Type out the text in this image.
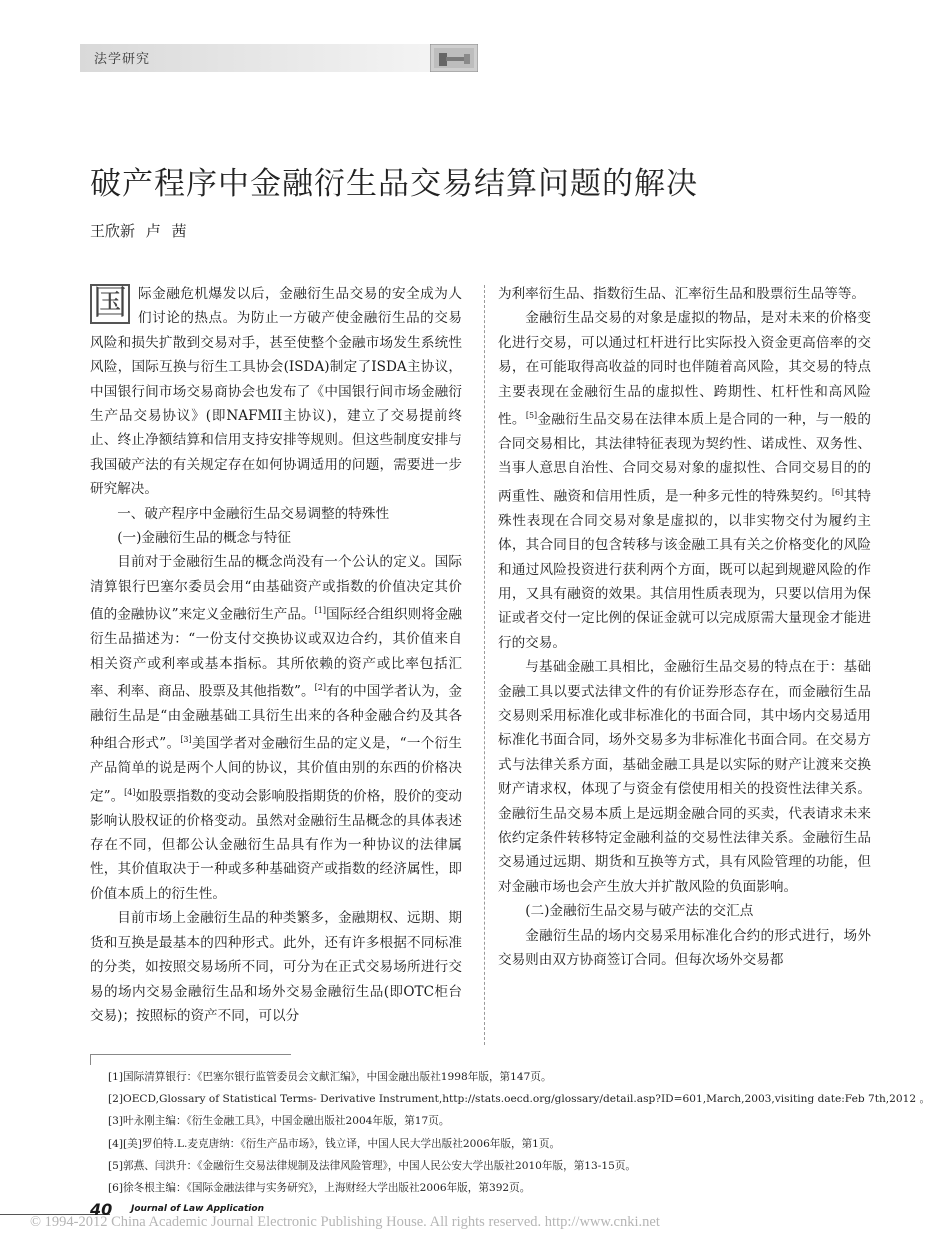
法学研究
破产程序中金融衍生品交易结算问题的解决
王欣新 卢 茜
国 际金融危机爆发以后，金融衍生品交易的安全成为人们讨论的热点。为防止一方破产使金融衍生品的交易风险和损失扩散到交易对手，甚至使整个金融市场发生系统性风险，国际互换与衍生工具协会(ISDA)制定了ISDA主协议，中国银行间市场交易商协会也发布了《中国银行间市场金融衍生产品交易协议》(即NAFMII主协议)，建立了交易提前终止、终止净额结算和信用支持安排等规则。但这些制度安排与我国破产法的有关规定存在如何协调适用的问题，需要进一步研究解决。

一、破产程序中金融衍生品交易调整的特殊性

(一)金融衍生品的概念与特征

目前对于金融衍生品的概念尚没有一个公认的定义。国际清算银行巴塞尔委员会用“由基础资产或指数的价值决定其价值的金融协议”来定义金融衍生产品。[1]国际经合组织则将金融衍生品描述为：“一份支付交换协议或双边合约，其价值来自相关资产或利率或基本指标。其所依赖的资产或比率包括汇率、利率、商品、股票及其他指数”。[2]有的中国学者认为，金融衍生品是“由金融基础工具衍生出来的各种金融合约及其各种组合形式”。[3]美国学者对金融衍生品的定义是，“一个衍生产品简单的说是两个人间的协议，其价值由别的东西的价格决定”。[4]如股票指数的变动会影响股指期货的价格，股价的变动影响认股权证的价格变动。虽然对金融衍生品概念的具体表述存在不同，但都公认金融衍生品具有作为一种协议的法律属性，其价值取决于一种或多种基础资产或指数的经济属性，即价值本质上的衍生性。

目前市场上金融衍生品的种类繁多，金融期权、远期、期货和互换是最基本的四种形式。此外，还有许多根据不同标准的分类，如按照交易场所不同，可分为在正式交易场所进行交易的场内交易金融衍生品和场外交易金融衍生品(即OTC柜台交易)；按照标的资产不同，可以分

为利率衍生品、指数衍生品、汇率衍生品和股票衍生品等等。

金融衍生品交易的对象是虚拟的物品，是对未来的价格变化进行交易，可以通过杠杆进行比实际投入资金更高倍率的交易，在可能取得高收益的同时也伴随着高风险，其交易的特点主要表现在金融衍生品的虚拟性、跨期性、杠杆性和高风险性。[5]金融衍生品交易在法律本质上是合同的一种，与一般的合同交易相比，其法律特征表现为契约性、诺成性、双务性、当事人意思自治性、合同交易对象的虚拟性、合同交易目的的两重性、融资和信用性质，是一种多元性的特殊契约。[6]其特殊性表现在合同交易对象是虚拟的，以非实物交付为履约主体，其合同目的包含转移与该金融工具有关之价格变化的风险和通过风险投资进行获利两个方面，既可以起到规避风险的作用，又具有融资的效果。其信用性质表现为，只要以信用为保证或者交付一定比例的保证金就可以完成原需大量现金才能进行的交易。

与基础金融工具相比，金融衍生品交易的特点在于：基础金融工具以要式法律文件的有价证券形态存在，而金融衍生品交易则采用标准化或非标准化的书面合同，其中场内交易适用标准化书面合同，场外交易多为非标准化书面合同。在交易方式与法律关系方面，基础金融工具是以实际的财产让渡来交换财产请求权，体现了与资金有偿使用相关的投资性法律关系。金融衍生品交易本质上是远期金融合同的买卖，代表请求未来依约定条件转移特定金融利益的交易性法律关系。金融衍生品交易通过远期、期货和互换等方式，具有风险管理的功能，但对金融市场也会产生放大并扩散风险的负面影响。

(二)金融衍生品交易与破产法的交汇点

金融衍生品的场内交易采用标准化合约的形式进行，场外交易则由双方协商签订合同。但每次场外交易都

[1]国际清算银行：《巴塞尔银行监管委员会文献汇编》，中国金融出版社1998年版，第147页。
[2]OECD,Glossary of Statistical Terms- Derivative Instrument,http://stats.oecd.org/glossary/detail.asp?ID=601,March,2003,visiting date:Feb 7th,2012 。
[3]叶永刚主编：《衍生金融工具》，中国金融出版社2004年版，第17页。
[4][美]罗伯特.L.麦克唐纳：《衍生产品市场》，钱立译，中国人民大学出版社2006年版，第1页。
[5]郭燕、闫洪升：《金融衍生交易法律规制及法律风险管理》，中国人民公安大学出版社2010年版，第13-15页。
[6]徐冬根主编：《国际金融法律与实务研究》，上海财经大学出版社2006年版，第392页。
40 Journal of Law Application
© 1994-2012 China Academic Journal Electronic Publishing House. All rights reserved. http://www.cnki.net
